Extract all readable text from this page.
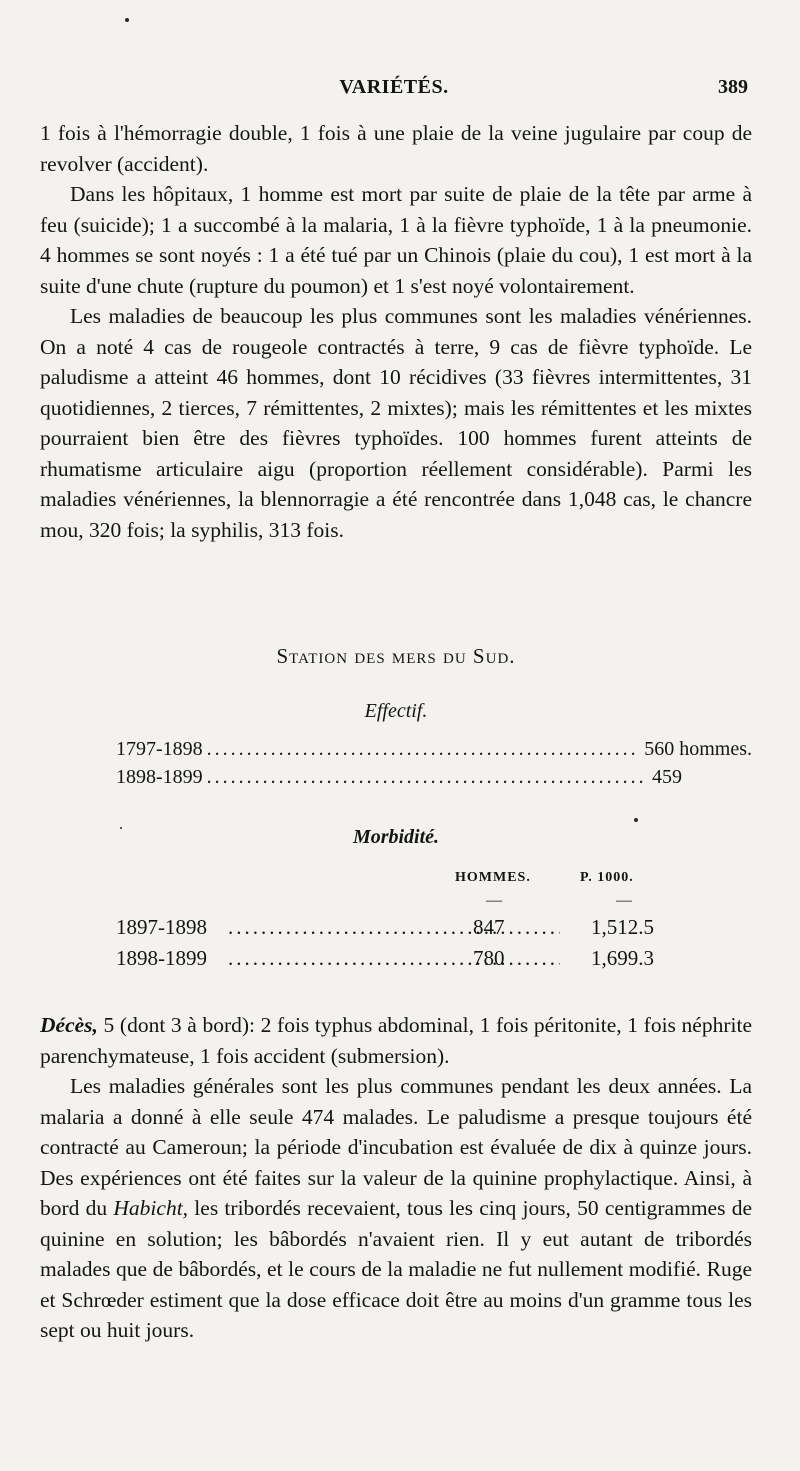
VARIÉTÉS.	389

1 fois à l'hémorragie double, 1 fois à une plaie de la veine jugulaire par coup de revolver (accident).

Dans les hôpitaux, 1 homme est mort par suite de plaie de la tête par arme à feu (suicide); 1 a succombé à la malaria, 1 à la fièvre typhoïde, 1 à la pneumonie. 4 hommes se sont noyés : 1 a été tué par un Chinois (plaie du cou), 1 est mort à la suite d'une chute (rupture du poumon) et 1 s'est noyé volontairement.

Les maladies de beaucoup les plus communes sont les maladies vénériennes. On a noté 4 cas de rougeole contractés à terre, 9 cas de fièvre typhoïde. Le paludisme a atteint 46 hommes, dont 10 récidives (33 fièvres intermittentes, 31 quotidiennes, 2 tierces, 7 rémittentes, 2 mixtes); mais les rémittentes et les mixtes pourraient bien être des fièvres typhoïdes. 100 hommes furent atteints de rhumatisme articulaire aigu (proportion réellement considérable). Parmi les maladies vénériennes, la blennorragie a été rencontrée dans 1,048 cas, le chancre mou, 320 fois; la syphilis, 313 fois.

Station des mers du Sud.
Effectif.
1797-1898 .....	560 hommes.
1898-1899 .....	459
Morbidité.
HOMMES.	P. 1000.
—	—
1897-1898 .....	847	1,512.5
1898-1899 .....	780	1,699.3

Décès, 5 (dont 3 à bord): 2 fois typhus abdominal, 1 fois péritonite, 1 fois néphrite parenchymateuse, 1 fois accident (submersion).

Les maladies générales sont les plus communes pendant les deux années. La malaria a donné à elle seule 474 malades. Le paludisme a presque toujours été contracté au Cameroun; la période d'incubation est évaluée de dix à quinze jours. Des expériences ont été faites sur la valeur de la quinine prophylactique. Ainsi, à bord du Habicht, les tribordés recevaient, tous les cinq jours, 50 centigrammes de quinine en solution; les bâbordés n'avaient rien. Il y eut autant de tribordés malades que de bâbordés, et le cours de la maladie ne fut nullement modifié. Ruge et Schrœder estiment que la dose efficace doit être au moins d'un gramme tous les sept ou huit jours.
